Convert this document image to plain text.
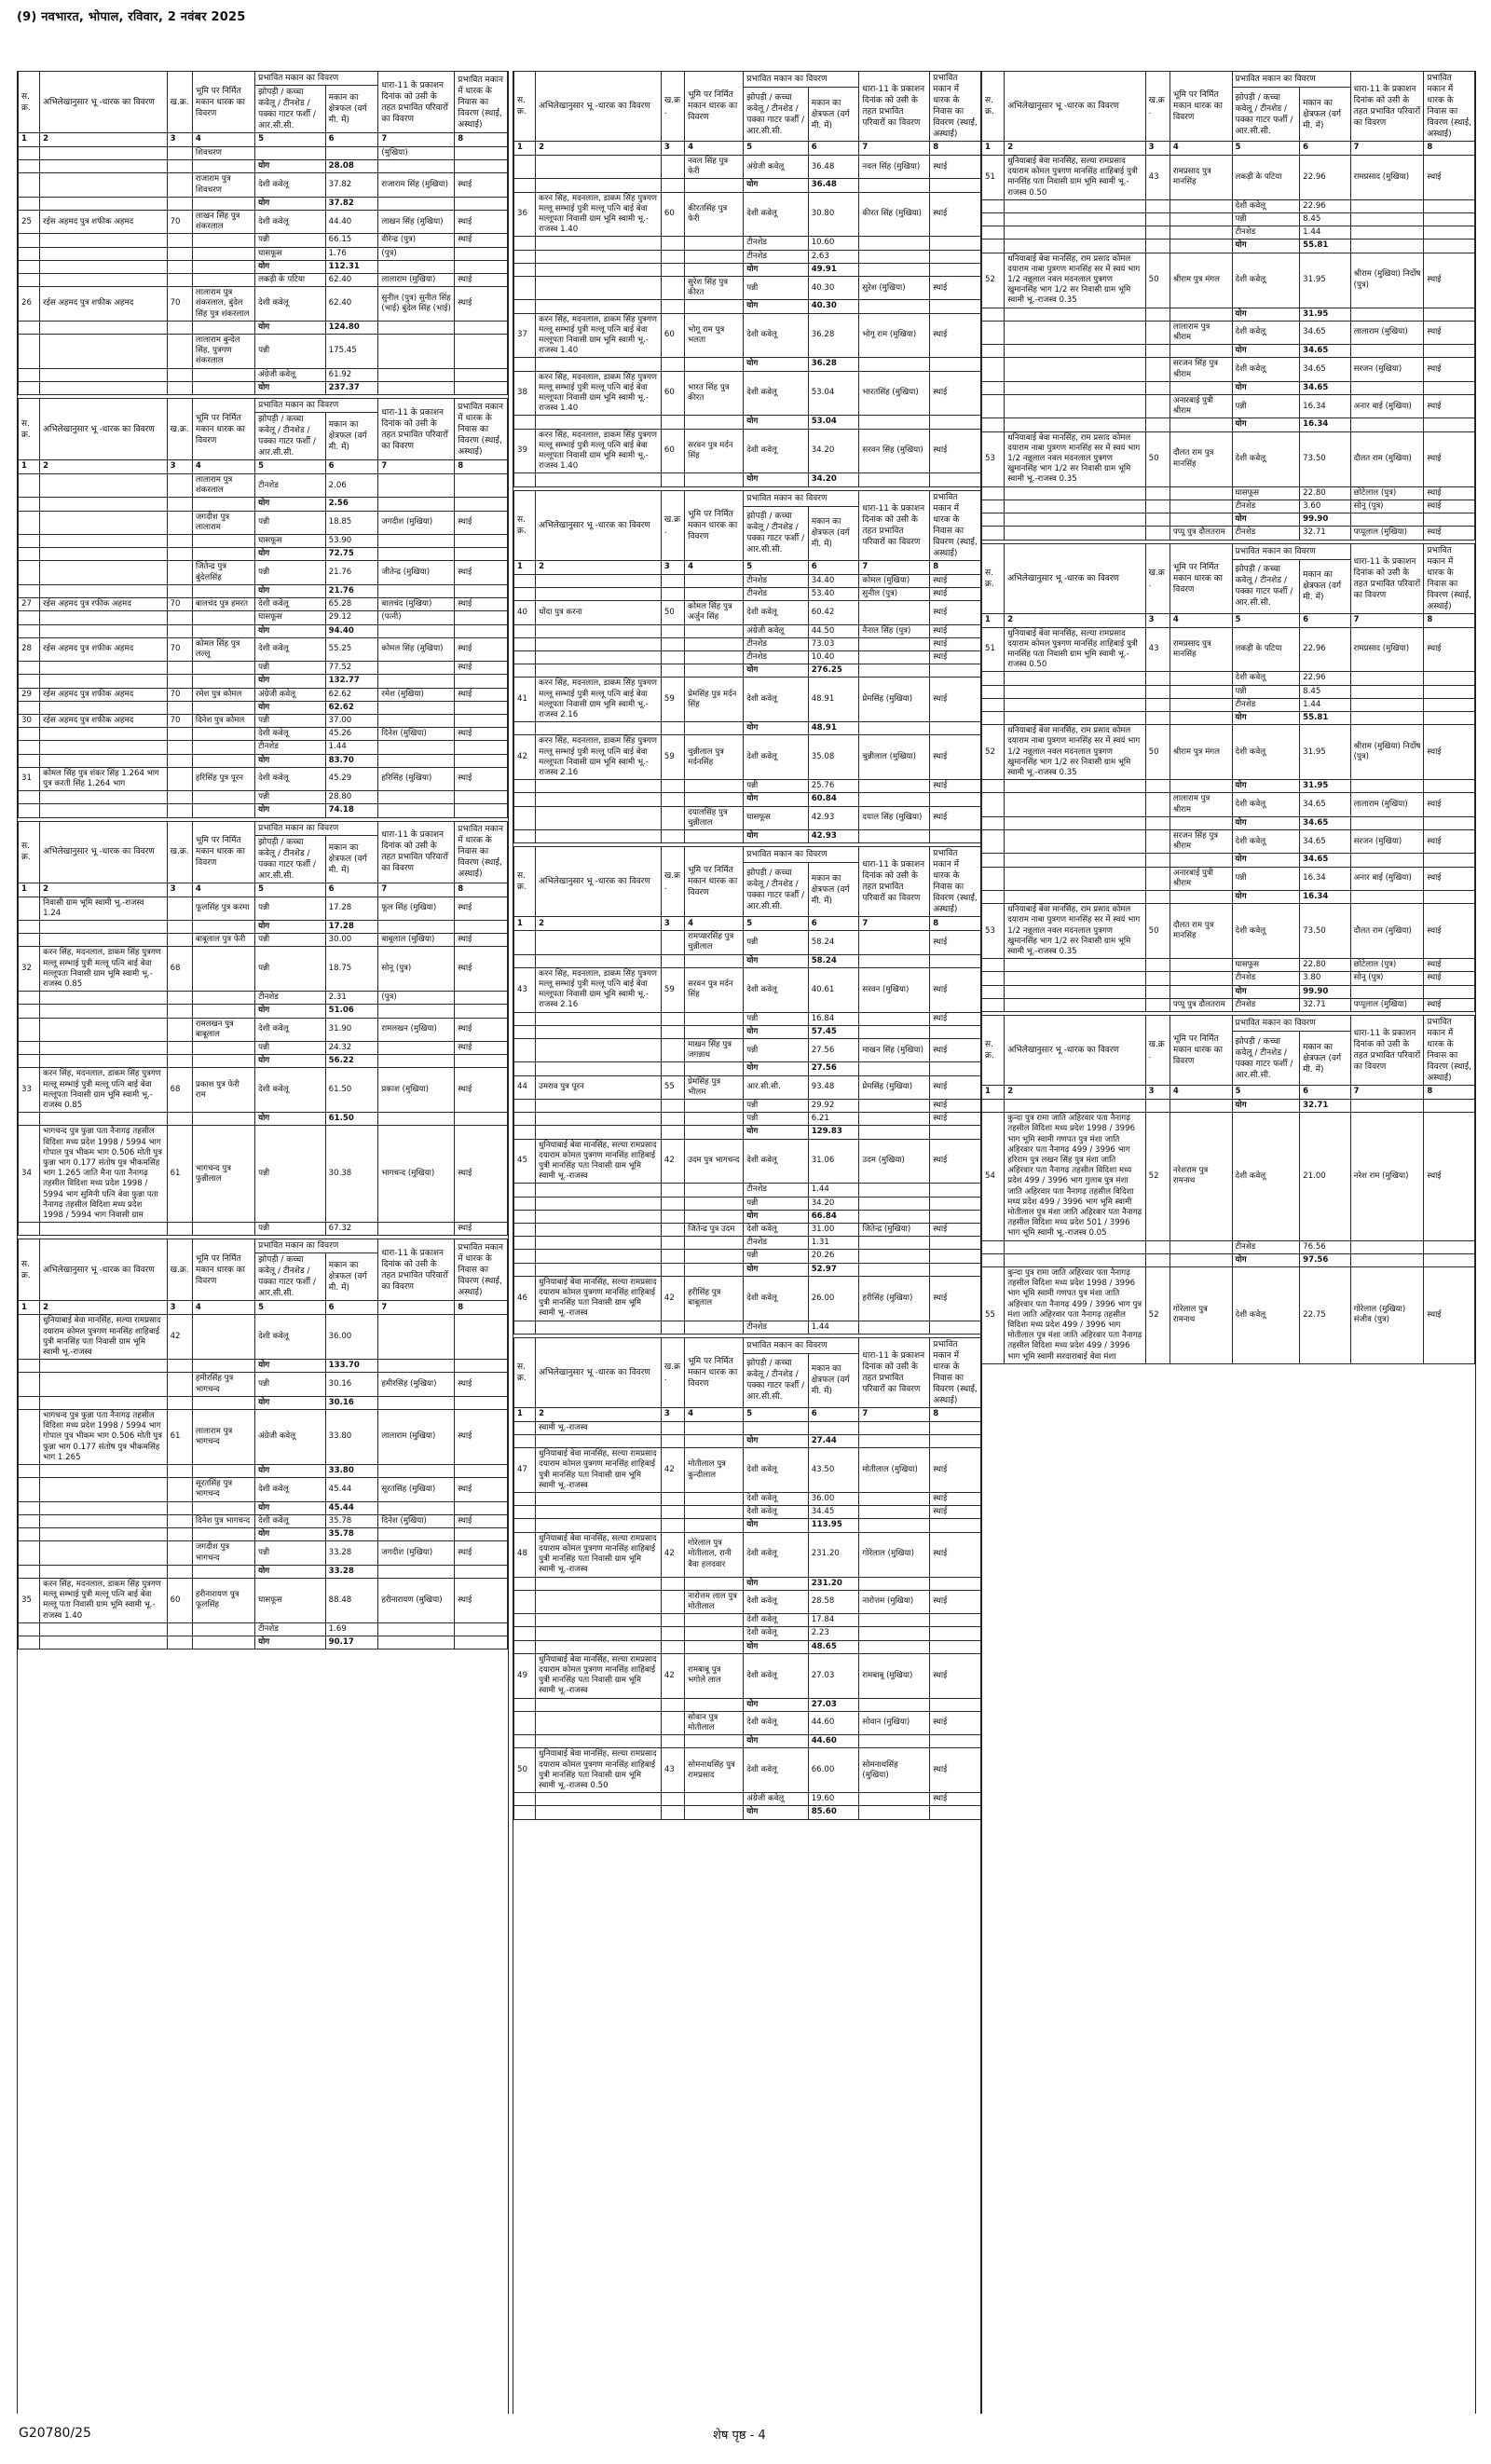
(9) नवभारत, भोपाल, रविवार, 2 नवंबर 2025
स. क्र.	अभिलेखानुसार भू -धारक का विवरण	ख.क्र.	भूमि पर निर्मित मकान धारक का विवरण	प्रभावित मकान का विवरण		धारा-11 के प्रकाशन दिनांक को उसी के तहत प्रभावित परिवारों का विवरण	प्रभावित मकान में धारक के निवास का विवरण (स्थाई, अस्थाई)
				झोपड़ी / कच्चा कवेलू / टीनशेड / पक्का गाटर फर्शी / आर.सी.सी.	मकान का क्षेत्रफल (वर्ग मी. में)		
1	2	3	4	5	6	7	8
			शिवचरण			(मुखिया)	
				योग	28.08		
			राजाराम पुत्र शिवचरण	देशी कवेलू	37.82	राजाराम सिंह (मुखिया)	स्थाई
				योग	37.82		
25	रईस अहमद पुत्र शफीक अहमद	70	लाखन सिंह पुत्र शंकरलाल	देशी कवेलू	44.40	लाखन सिंह (मुखिया)	स्थाई
				पन्नी	66.15	वीरेन्द्र (पुत्र)	स्थाई
				घासफूस	1.76	(पुत्र)	
				योग	112.31		
				लकड़ी के पटिया	62.40	लालाराम (मुखिया)	स्थाई
26	रईस अहमद पुत्र शफीक अहमद	70	लालाराम पुत्र शंकरलाल, बुंदेल सिंह पुत्र शंकरलाल	देशी कवेलू	62.40	सुनील (पुत्र) सुनील सिंह (भाई) बुंदेल सिंह (भाई)	स्थाई
				योग	124.80		
			लालाराम बुन्देल सिंह, पुत्रगण शंकरलाल	पन्नी	175.45		
				अंग्रेजी कवेलू	61.92		
				योग	237.37		
स. क्र.	अभिलेखानुसार भू -धारक का विवरण	ख.क्र.	भूमि पर निर्मित मकान धारक का विवरण	प्रभावित मकान का विवरण		धारा-11 के प्रकाशन दिनांक को उसी के तहत प्रभावित परिवारों का विवरण	प्रभावित मकान में धारक के निवास का विवरण (स्थाई, अस्थाई)
				झोपड़ी / कच्चा कवेलू / टीनशेड / पक्का गाटर फर्शी / आर.सी.सी.	मकान का क्षेत्रफल (वर्ग मी. में)		
1	2	3	4	5	6	7	8
			लालाराम पुत्र शंकरलाल	टीनशेड	2.06		
				योग	2.56		
			जगदीश पुत्र लालाराम	पन्नी	18.85	जगदीश (मुखिया)	स्थाई
				घासफूस	53.90		
				योग	72.75		
			जितेन्द्र पुत्र बुंदेलसिंह	पन्नी	21.76	जीतेन्द्र (मुखिया)	स्थाई
				योग	21.76		
27	रईस अहमद पुत्र रफीक अहमद	70	बालचंद पुत्र हमरत	देशी कवेलू	65.28	बालचंद (मुखिया)	स्थाई
				घासफूस	29.12	(पत्नी)	
				योग	94.40		
28	रईस अहमद पुत्र शफीक अहमद	70	कोमल सिंह पुत्र लल्लू	देशी कवेलू	55.25	कोमल सिंह (मुखिया)	स्थाई
				पन्नी	77.52		स्थाई
				योग	132.77		
29	रईस अहमद पुत्र शफीक अहमद	70	रमेश पुत्र कोमल	अंग्रेजी कवेलू	62.62	रमेश (मुखिया)	स्थाई
				योग	62.62		
30	रईस अहमद पुत्र शफीक अहमद	70	दिनेश पुत्र कोमल	पन्नी	37.00		
				देशी कवेलू	45.26	दिनेश (मुखिया)	स्थाई
				टीनशेड	1.44		
				योग	83.70		
31	कोमल सिंह पुत्र शंकर सिंह 1.264 भाग पुत्र करती सिंह 1.264 भाग		हरिसिंह पुत्र पूरन	देशी कवेलू	45.29	हरिसिंह (मुखिया)	स्थाई
				पन्नी	28.80		
				योग	74.18		
स. क्र.	अभिलेखानुसार भू -धारक का विवरण	ख.क्र.	भूमि पर निर्मित मकान धारक का विवरण	प्रभावित मकान का विवरण		धारा-11 के प्रकाशन दिनांक को उसी के तहत प्रभावित परिवारों का विवरण	प्रभावित मकान में धारक के निवास का विवरण (स्थाई, अस्थाई)
				झोपड़ी / कच्चा कवेलू / टीनशेड / पक्का गाटर फर्शी / आर.सी.सी.	मकान का क्षेत्रफल (वर्ग मी. में)		
1	2	3	4	5	6	7	8
	निवासी ग्राम भूमि स्वामी भू.-राजस्व 1.24		फूलसिंह पुत्र करमा	पन्नी	17.28	फूल सिंह (मुखिया)	स्थाई
				योग	17.28		
			बाबूलाल पुत्र फेरी	पन्नी	30.00	बाबूलाल (मुखिया)	स्थाई
32	करन सिंह, मदनलाल, डाकम सिंह पुत्रगण मल्लू सम्भाई पुत्री मल्लू पत्नि बाई बेवा मल्लूपता निवासी ग्राम भूमि स्वामी भू.-राजस्व 0.85	68		पन्नी	18.75	सोनू (पुत्र)	स्थाई
				टीनशेड	2.31	(पुत्र)	
				योग	51.06		
			रामलखन पुत्र बाबूलाल	देशी कवेलू	31.90	रामलखन (मुखिया)	स्थाई
				पन्नी	24.32		स्थाई
				योग	56.22		
33	करन सिंह, मदनलाल, डाकम सिंह पुत्रगण मल्लू सम्भाई पुत्री मल्लू पत्नि बाई बेवा मल्लूपता निवासी ग्राम भूमि स्वामी भू.-राजस्व 0.85	68	प्रकाश पुत्र फेरी राम	देशी कवेलू	61.50	प्रकाश (मुखिया)	स्थाई
				योग	61.50		
34	भागचन्द पुत्र फुन्ना पता नैनागढ़ तहसील विदिशा मध्य प्रदेश 1998 / 5994 भाग गोपाल पुत्र भीकम भाग 0.506 मोती पुत्र फुन्ना भाग 0.177 संतोष पुत्र भीकमसिंह भाग 1.265 जाति मैना पता नैनागढ़ तहसील विदिशा मध्य प्रदेश 1998 / 5994 भाग सुमिनी पत्नि बेवा फुन्ना पता नैनागढ़ तहसील विदिशा मध्य प्रदेश 1998 / 5994 भाग निवासी ग्राम	61	भागचन्द पुत्र फुन्नीलाल	पन्नी	30.38	भागचन्द (मुखिया)	स्थाई
				पन्नी	67.32		स्थाई
स. क्र.	अभिलेखानुसार भू -धारक का विवरण	ख.क्र.	भूमि पर निर्मित मकान धारक का विवरण	प्रभावित मकान का विवरण		धारा-11 के प्रकाशन दिनांक को उसी के तहत प्रभावित परिवारों का विवरण	प्रभावित मकान में धारक के निवास का विवरण (स्थाई, अस्थाई)
				झोपड़ी / कच्चा कवेलू / टीनशेड / पक्का गाटर फर्शी / आर.सी.सी.	मकान का क्षेत्रफल (वर्ग मी. में)		
1	2	3	4	5	6	7	8
	धुनियाबाई बेवा मानसिंह, सल्या रामप्रसाद दयाराम कोमल पुत्रगण मानसिंह शाहिबाई पुत्री मानसिंह पता निवासी ग्राम भूमि स्वामी भू.-राजस्व	42		देशी कवेलू	36.00		
				योग	133.70		
			हमीरसिंह पुत्र भागचन्द	पन्नी	30.16	हमीरसिंह (मुखिया)	स्थाई
				योग	30.16		
	भागचन्द पुत्र फुन्ना पता नैनागढ़ तहसील विदिशा मध्य प्रदेश 1998 / 5994 भाग गोपाल पुत्र भीकम भाग 0.506 मोती पुत्र फुन्ना भाग 0.177 संतोष पुत्र भीकमसिंह भाग 1.265	61	लालाराम पुत्र भागचन्द	अंग्रेजी कवेलू	33.80	लालाराम (मुखिया)	स्थाई
				योग	33.80		
			सूरतसिंह पुत्र भागचन्द	देशी कवेलू	45.44	सूरतसिंह (मुखिया)	स्थाई
				योग	45.44		
			दिनेश पुत्र भागचन्द	देशी कवेलू	35.78	दिनेश (मुखिया)	स्थाई
				योग	35.78		
			जगदीश पुत्र भागचन्द	पन्नी	33.28	जगदीश (मुखिया)	स्थाई
				योग	33.28		
35	करन सिंह, मदनलाल, डाकम सिंह पुत्रगण मल्लू सम्भाई पुत्री मल्लू पत्नि बाई बेवा मल्लू पता निवासी ग्राम भूमि स्वामी भू.-राजस्व 1.40	60	हरीनारायण पुत्र फूलसिंह	घासफूस	88.48	हरीनारायण (मुखिया)	स्थाई
				टीनशेड	1.69		
				योग	90.17		
स. क्र.	अभिलेखानुसार भू -धारक का विवरण	ख.क्र.	भूमि पर निर्मित मकान धारक का विवरण	प्रभावित मकान का विवरण		धारा-11 के प्रकाशन दिनांक को उसी के तहत प्रभावित परिवारों का विवरण	प्रभावित मकान में धारक के निवास का विवरण (स्थाई, अस्थाई)
				झोपड़ी / कच्चा कवेलू / टीनशेड / पक्का गाटर फर्शी / आर.सी.सी.	मकान का क्षेत्रफल (वर्ग मी. में)		
1	2	3	4	5	6	7	8
			नवल सिंह पुत्र फेरी	अंग्रेजी कवेलू	36.48	नवल सिंह (मुखिया)	स्थाई
				योग	36.48		
36	करन सिंह, मदनलाल, डाकम सिंह पुत्रगण मल्लू सम्भाई पुत्री मल्लू पत्नि बाई बेवा मल्लूपता निवासी ग्राम भूमि स्वामी भू.-राजस्व 1.40	60	कीरतसिंह पुत्र फेरी	देशी कवेलू	30.80	कीरत सिंह (मुखिया)	स्थाई
				टीनशेड	10.60		
				टीनशेड	2.63		
				योग	49.91		
			सुरेश सिंह पुत्र कीरत	पन्नी	40.30	सुरेश (मुखिया)	स्थाई
				योग	40.30		
37	करन सिंह, मदनलाल, डाकम सिंह पुत्रगण मल्लू सम्भाई पुत्री मल्लू पत्नि बाई बेवा मल्लूपता निवासी ग्राम भूमि स्वामी भू.-राजस्व 1.40	60	भोगू राम पुत्र भलता	देशी कवेलू	36.28	भोगू राम (मुखिया)	स्थाई
				योग	36.28		
38	करन सिंह, मदनलाल, डाकम सिंह पुत्रगण मल्लू सम्भाई पुत्री मल्लू पत्नि बाई बेवा मल्लूपता निवासी ग्राम भूमि स्वामी भू.-राजस्व 1.40	60	भारत सिंह पुत्र कीरत	देशी कवेलू	53.04	भारतसिंह (मुखिया)	स्थाई
				योग	53.04		
39	करन सिंह, मदनलाल, डाकम सिंह पुत्रगण मल्लू सम्भाई पुत्री मल्लू पत्नि बाई बेवा मल्लूपता निवासी ग्राम भूमि स्वामी भू.-राजस्व 1.40	60	सरवन पुत्र मर्दन सिंह	देशी कवेलू	34.20	सरवन सिंह (मुखिया)	स्थाई
				योग	34.20		
स. क्र.	अभिलेखानुसार भू -धारक का विवरण	ख.क्र.	भूमि पर निर्मित मकान धारक का विवरण	प्रभावित मकान का विवरण		धारा-11 के प्रकाशन दिनांक को उसी के तहत प्रभावित परिवारों का विवरण	प्रभावित मकान में धारक के निवास का विवरण (स्थाई, अस्थाई)
				झोपड़ी / कच्चा कवेलू / टीनशेड / पक्का गाटर फर्शी / आर.सी.सी.	मकान का क्षेत्रफल (वर्ग मी. में)		
1	2	3	4	5	6	7	8
				टीनशेड	34.40	कोमल (मुखिया)	स्थाई
				टीनशेड	53.40	सुनील (पुत्र)	स्थाई
40	धोंदा पुत्र करना	50	कोमल सिंह पुत्र अर्जुन सिंह	देशी कवेलू	60.42		स्थाई
				अंग्रेजी कवेलू	44.50	नैनाल सिंह (पुत्र)	स्थाई
				टीनशेड	73.03		स्थाई
				टीनशेड	10.40		स्थाई
				योग	276.25		
41	करन सिंह, मदनलाल, डाकम सिंह पुत्रगण मल्लू सम्भाई पुत्री मल्लू पत्नि बाई बेवा मल्लूपता निवासी ग्राम भूमि स्वामी भू.-राजस्व 2.16	59	प्रेमसिंह पुत्र मर्दन सिंह	देशी कवेलू	48.91	प्रेमसिंह (मुखिया)	स्थाई
				योग	48.91		
42	करन सिंह, मदनलाल, डाकम सिंह पुत्रगण मल्लू सम्भाई पुत्री मल्लू पत्नि बाई बेवा मल्लूपता निवासी ग्राम भूमि स्वामी भू.-राजस्व 2.16	59	चुन्नीलाल पुत्र मर्दनसिंह	देशी कवेलू	35.08	चुन्नीलाल (मुखिया)	स्थाई
				पन्नी	25.76		स्थाई
				योग	60.84		
			दयालसिंह पुत्र चुन्नीलाल	घासफूस	42.93	दयाल सिंह (मुखिया)	स्थाई
				योग	42.93		
स. क्र.	अभिलेखानुसार भू -धारक का विवरण	ख.क्र.	भूमि पर निर्मित मकान धारक का विवरण	प्रभावित मकान का विवरण		धारा-11 के प्रकाशन दिनांक को उसी के तहत प्रभावित परिवारों का विवरण	प्रभावित मकान में धारक के निवास का विवरण (स्थाई, अस्थाई)
				झोपड़ी / कच्चा कवेलू / टीनशेड / पक्का गाटर फर्शी / आर.सी.सी.	मकान का क्षेत्रफल (वर्ग मी. में)		
1	2	3	4	5	6	7	8
			रामप्यारसिंह पुत्र चुन्नीलाल	पन्नी	58.24		स्थाई
				योग	58.24		
43	करन सिंह, मदनलाल, डाकम सिंह पुत्रगण मल्लू सम्भाई पुत्री मल्लू पत्नि बाई बेवा मल्लूपता निवासी ग्राम भूमि स्वामी भू.-राजस्व 2.16	59	सरवन पुत्र मर्दन सिंह	देशी कवेलू	40.61	सरवन (मुखिया)	स्थाई
				पन्नी	16.84		स्थाई
				योग	57.45		
			माखन सिंह पुत्र जगन्नाथ	पन्नी	27.56	माखन सिंह (मुखिया)	स्थाई
				योग	27.56		
44	उमराव पुत्र पूरन	55	प्रेमसिंह पुत्र भीलम	आर.सी.सी.	93.48	प्रेमसिंह (मुखिया)	स्थाई
				पन्नी	29.92		स्थाई
				पन्नी	6.21		स्थाई
				योग	129.83		
45	धुनियाबाई बेवा मानसिंह, सल्या रामप्रसाद दयाराम कोमल पुत्रगण मानसिंह शाहिबाई पुत्री मानसिंह पता निवासी ग्राम भूमि स्वामी भू.-राजस्व	42	उदम पुत्र भागचन्द	देशी कवेलू	31.06	उदम (मुखिया)	स्थाई
				टीनशेड	1.44		
				पन्नी	34.20		
				योग	66.84		
			जितेन्द्र पुत्र उदम	देशी कवेलू	31.00	जितेन्द्र (मुखिया)	स्थाई
				टीनशेड	1.31		
				पन्नी	20.26		
				योग	52.97		
46	धुनियाबाई बेवा मानसिंह, सल्या रामप्रसाद दयाराम कोमल पुत्रगण मानसिंह शाहिबाई पुत्री मानसिंह पता निवासी ग्राम भूमि स्वामी भू.-राजस्व	42	हरीसिंह पुत्र बाबूलाल	देशी कवेलू	26.00	हरीसिंह (मुखिया)	स्थाई
				टीनशेड	1.44		
स. क्र.	अभिलेखानुसार भू -धारक का विवरण	ख.क्र.	भूमि पर निर्मित मकान धारक का विवरण	प्रभावित मकान का विवरण		धारा-11 के प्रकाशन दिनांक को उसी के तहत प्रभावित परिवारों का विवरण	प्रभावित मकान में धारक के निवास का विवरण (स्थाई, अस्थाई)
				झोपड़ी / कच्चा कवेलू / टीनशेड / पक्का गाटर फर्शी / आर.सी.सी.	मकान का क्षेत्रफल (वर्ग मी. में)		
1	2	3	4	5	6	7	8
	स्वामी भू.-राजस्व						
				योग	27.44		
47	धुनियाबाई बेवा मानसिंह, सल्या रामप्रसाद दयाराम कोमल पुत्रगण मानसिंह शाहिबाई पुत्री मानसिंह पता निवासी ग्राम भूमि स्वामी भू.-राजस्व	42	मोतीलाल पुत्र कुन्दीलाल	देशी कवेलू	43.50	मोतीलाल (मुखिया)	स्थाई
				देशी कवेलू	36.00		स्थाई
				देशी कवेलू	34.45		स्थाई
				योग	113.95		
48	धुनियाबाई बेवा मानसिंह, सल्या रामप्रसाद दयाराम कोमल पुत्रगण मानसिंह शाहिबाई पुत्री मानसिंह पता निवासी ग्राम भूमि स्वामी भू.-राजस्व	42	गोरेलाल पुत्र मोतीलाल, रानी बैवा हलदवार	देशी कवेलू	231.20	गोरेलाल (मुखिया)	स्थाई
				योग	231.20		
			नारोत्तम लाल पुत्र मोतीलाल	देशी कवेलू	28.58	नारोत्तम (मुखिया)	स्थाई
				देशी कवेलू	17.84		
				देशी कवेलू	2.23		
				योग	48.65		
49	धुनियाबाई बेवा मानसिंह, सल्या रामप्रसाद दयाराम कोमल पुत्रगण मानसिंह शाहिबाई पुत्री मानसिंह पता निवासी ग्राम भूमि स्वामी भू.-राजस्व	42	रामबाबू पुत्र भगोले लाल	देशी कवेलू	27.03	रामबाबू (मुखिया)	स्थाई
				योग	27.03		
			सोवान पुत्र मोतीलाल	देशी कवेलू	44.60	सोवान (मुखिया)	स्थाई
				योग	44.60		
50	धुनियाबाई बेवा मानसिंह, सल्या रामप्रसाद दयाराम कोमल पुत्रगण मानसिंह शाहिबाई पुत्री मानसिंह पता निवासी ग्राम भूमि स्वामी भू.-राजस्व 0.50	43	सोमनाथसिंह पुत्र रामप्रसाद	देशी कवेलू	66.00	सोमनाथसिंह (मुखिया)	स्थाई
				अंग्रेजी कवेलू	19.60		स्थाई
				योग	85.60		
स. क्र.	अभिलेखानुसार भू -धारक का विवरण	ख.क्र.	भूमि पर निर्मित मकान धारक का विवरण	प्रभावित मकान का विवरण		धारा-11 के प्रकाशन दिनांक को उसी के तहत प्रभावित परिवारों का विवरण	प्रभावित मकान में धारक के निवास का विवरण (स्थाई, अस्थाई)
				झोपड़ी / कच्चा कवेलू / टीनशेड / पक्का गाटर फर्शी / आर.सी.सी.	मकान का क्षेत्रफल (वर्ग मी. में)		
1	2	3	4	5	6	7	8
51	धुनियाबाई बेवा मानसिंह, सल्या रामप्रसाद दयाराम कोमल पुत्रगण मानसिंह शाहिबाई पुत्री मानसिंह पता निवासी ग्राम भूमि स्वामी भू.-राजस्व 0.50	43	रामप्रसाद पुत्र मानसिंह	लकड़ी के पटिया	22.96	रामप्रसाद (मुखिया)	स्थाई
				देशी कवेलू	22.96		
				पन्नी	8.45		
				टीनशेड	1.44		
				योग	55.81		
52	धनियाबाई बेवा मानसिंह, राम प्रसाद कोमल दयाराम नाबा पुत्रगण मानसिंह सर में स्वयं भाग 1/2 नन्नूलाल नवल मदनलाल पुत्रगण खुमानसिंह भाग 1/2 सर निवासी ग्राम भूमि स्वामी भू.-राजस्व 0.35	50	श्रीराम पुत्र मंगल	देशी कवेलू	31.95	श्रीराम (मुखिया) निर्दोष (पुत्र)	स्थाई
				योग	31.95		
			लालाराम पुत्र श्रीराम	देशी कवेलू	34.65	लालाराम (मुखिया)	स्थाई
				योग	34.65		
			सरजन सिंह पुत्र श्रीराम	देशी कवेलू	34.65	सरजन (मुखिया)	स्थाई
				योग	34.65		
			अनारबाई पुत्री श्रीराम	पन्नी	16.34	अनार बाई (मुखिया)	स्थाई
				योग	16.34		
53	धनियाबाई बेवा मानसिंह, राम प्रसाद कोमल दयाराम नाबा पुत्रगण मानसिंह सर में स्वयं भाग 1/2 नन्नूलाल नवल मदनलाल पुत्रगण खुमानसिंह भाग 1/2 सर निवासी ग्राम भूमि स्वामी भू.-राजस्व 0.35	50	दौलत राम पुत्र मानसिंह	देशी कवेलू	73.50	दौलत राम (मुखिया)	स्थाई
				घासफूस	22.80	छोटेलाल (पुत्र)	स्थाई
				टीनशेड	3.60	सोनू (पुत्र)	स्थाई
				योग	99.90		
			पप्पू पुत्र दौलतराम	टीनशेड	32.71	पप्पूलाल (मुखिया)	स्थाई
स. क्र.	अभिलेखानुसार भू -धारक का विवरण	ख.क्र.	भूमि पर निर्मित मकान धारक का विवरण	प्रभावित मकान का विवरण		धारा-11 के प्रकाशन दिनांक को उसी के तहत प्रभावित परिवारों का विवरण	प्रभावित मकान में धारक के निवास का विवरण (स्थाई, अस्थाई)
				झोपड़ी / कच्चा कवेलू / टीनशेड / पक्का गाटर फर्शी / आर.सी.सी.	मकान का क्षेत्रफल (वर्ग मी. में)		
1	2	3	4	5	6	7	8
51	धुनियाबाई बेवा मानसिंह, सल्या रामप्रसाद दयाराम कोमल पुत्रगण मानसिंह शाहिबाई पुत्री मानसिंह पता निवासी ग्राम भूमि स्वामी भू.-राजस्व 0.50	43	रामप्रसाद पुत्र मानसिंह	लकड़ी के पटिया	22.96	रामप्रसाद (मुखिया)	स्थाई
				देशी कवेलू	22.96		
				पन्नी	8.45		
				टीनशेड	1.44		
				योग	55.81		
52	धनियाबाई बेवा मानसिंह, राम प्रसाद कोमल दयाराम नाबा पुत्रगण मानसिंह सर में स्वयं भाग 1/2 नन्नूलाल नवल मदनलाल पुत्रगण खुमानसिंह भाग 1/2 सर निवासी ग्राम भूमि स्वामी भू.-राजस्व 0.35	50	श्रीराम पुत्र मंगल	देशी कवेलू	31.95	श्रीराम (मुखिया) निर्दोष (पुत्र)	स्थाई
				योग	31.95		
			लालाराम पुत्र श्रीराम	देशी कवेलू	34.65	लालाराम (मुखिया)	स्थाई
				योग	34.65		
			सरजन सिंह पुत्र श्रीराम	देशी कवेलू	34.65	सरजन (मुखिया)	स्थाई
				योग	34.65		
			अनारबाई पुत्री श्रीराम	पन्नी	16.34	अनार बाई (मुखिया)	स्थाई
				योग	16.34		
53	धनियाबाई बेवा मानसिंह, राम प्रसाद कोमल दयाराम नाबा पुत्रगण मानसिंह सर में स्वयं भाग 1/2 नन्नूलाल नवल मदनलाल पुत्रगण खुमानसिंह भाग 1/2 सर निवासी ग्राम भूमि स्वामी भू.-राजस्व 0.35	50	दौलत राम पुत्र मानसिंह	देशी कवेलू	73.50	दौलत राम (मुखिया)	स्थाई
				घासफूस	22.80	छोटेलाल (पुत्र)	स्थाई
				टीनशेड	3.80	सोनू (पुत्र)	स्थाई
				योग	99.90		
			पप्पू पुत्र दौलतराम	टीनशेड	32.71	पप्पूलाल (मुखिया)	स्थाई
स. क्र.	अभिलेखानुसार भू -धारक का विवरण	ख.क्र.	भूमि पर निर्मित मकान धारक का विवरण	प्रभावित मकान का विवरण		धारा-11 के प्रकाशन दिनांक को उसी के तहत प्रभावित परिवारों का विवरण	प्रभावित मकान में धारक के निवास का विवरण (स्थाई, अस्थाई)
				झोपड़ी / कच्चा कवेलू / टीनशेड / पक्का गाटर फर्शी / आर.सी.सी.	मकान का क्षेत्रफल (वर्ग मी. में)		
1	2	3	4	5	6	7	8
				योग	32.71		
54	कुन्दा पुत्र रामा जाति अहिरवार पता नैनागढ़ तहसील विदिशा मध्य प्रदेश 1998 / 3996 भाग भूमि स्वामी गणपत पुत्र मंशा जाति अहिरवार पता नैनागढ़ 499 / 3996 भाग हरिराम पुत्र लखन सिंह पुत्र मंशा जाति अहिरवार पता नैनागढ़ तहसील विदिशा मध्य प्रदेश 499 / 3996 भाग गुलाब पुत्र मंशा जाति अहिरवार पता नैनागढ़ तहसील विदिशा मध्य प्रदेश 499 / 3996 भाग भूमि स्वामी मोतीलाल पुत्र मंशा जाति अहिरवार पता नैनागढ़ तहसील विदिशा मध्य प्रदेश 501 / 3996 भाग भूमि स्वामी भू.-राजस्व 0.05	52	नरेशराम पुत्र रामनाथ	देशी कवेलू	21.00	नरेश राम (मुखिया)	स्थाई
				टीनशेड	76.56		
				योग	97.56		
55	कुन्दा पुत्र रामा जाति अहिरवार पता नैनागढ़ तहसील विदिशा मध्य प्रदेश 1998 / 3996 भाग भूमि स्वामी गणपत पुत्र मंशा जाति अहिरवार पता नैनागढ़ 499 / 3996 भाग पुत्र मंशा जाति अहिरवार पता नैनागढ़ तहसील विदिशा मध्य प्रदेश 499 / 3996 भाग मोतीलाल पुत्र मंशा जाति अहिरवार पता नैनागढ़ तहसील विदिशा मध्य प्रदेश 499 / 3996 भाग भूमि स्वामी सरदाराबाई बेवा मंशा	52	गोरेलाल पुत्र रामनाथ	देशी कवेलू	22.75	गोरेलाल (मुखिया) संजीव (पुत्र)	स्थाई
G20780/25	शेष पृष्ठ - 4
